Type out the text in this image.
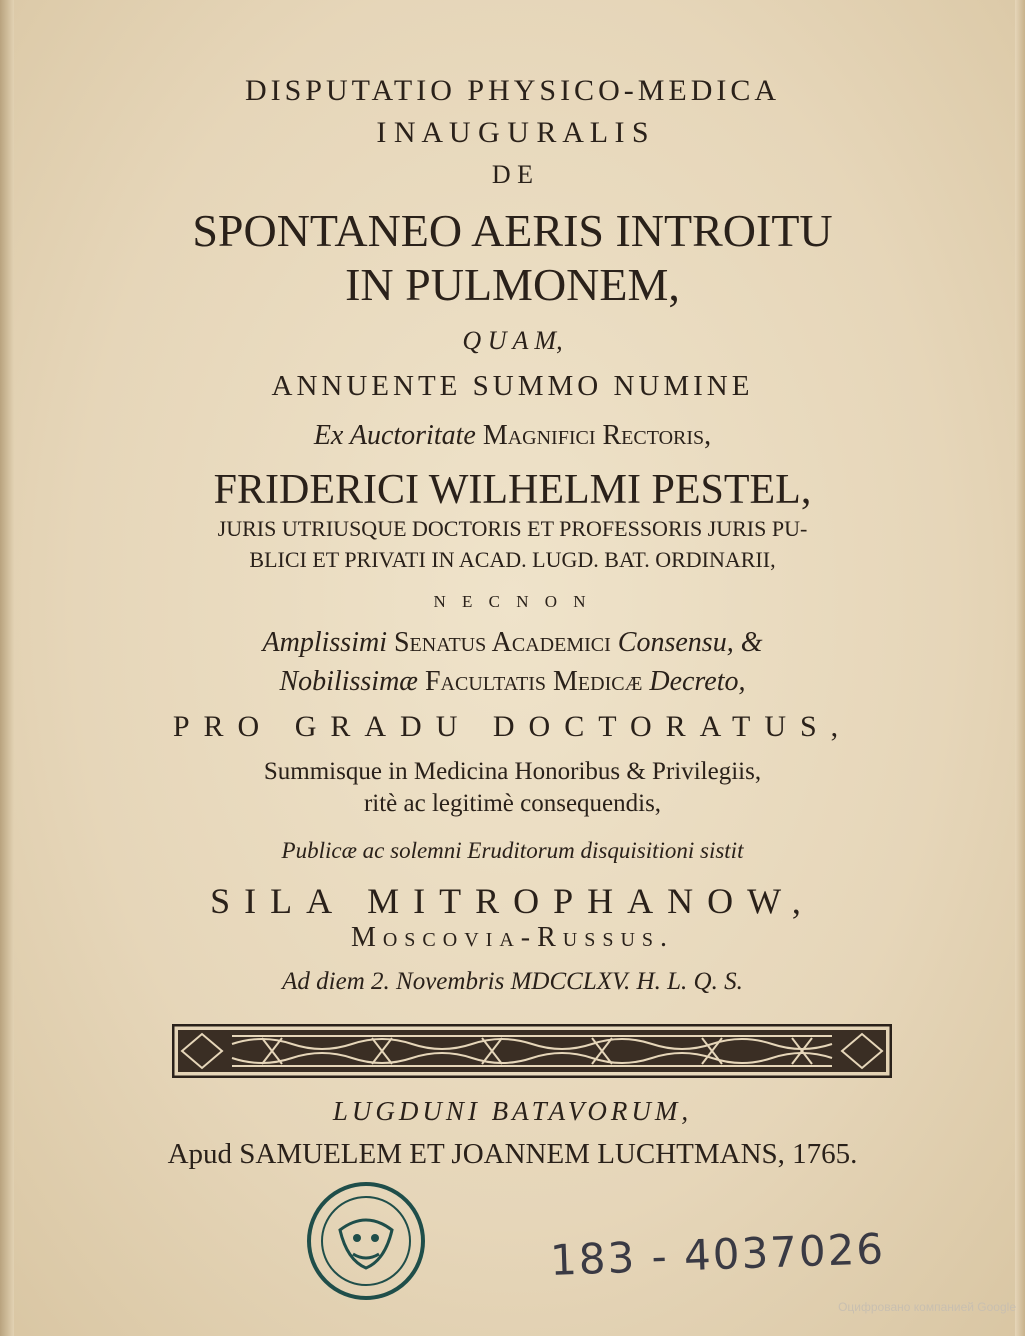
DISPUTATIO PHYSICO-MEDICA
I N A U G U R A L I S
D E
SPONTANEO AERIS INTROITU
IN PULMONEM,
Q U A M,
ANNUENTE SUMMO NUMINE
Ex Auctoritate Magnifici Rectoris,
FRIDERICI WILHELMI PESTEL,
JURIS UTRIUSQUE DOCTORIS ET PROFESSORIS JURIS PU-
BLICI ET PRIVATI IN ACAD. LUGD. BAT. ORDINARII,
N E C N O N
Amplissimi Senatus Academici Consensu, &
Nobilissimæ Facultatis Medicæ Decreto,
PRO GRADU DOCTORATUS,
Summisque in Medicina Honoribus & Privilegiis,
ritè ac legitimè consequendis,
Publicæ ac solemni Eruditorum disquisitioni sistit
SILA MITROPHANOW,
Moscovia-Russus.
Ad diem 2. Novembris MDCCLXV. H. L. Q. S.
LUGDUNI BATAVORUM,
Apud SAMUELEM ET JOANNEM LUCHTMANS, 1765.
183 - 4037026
Оцифровано компанией Google
